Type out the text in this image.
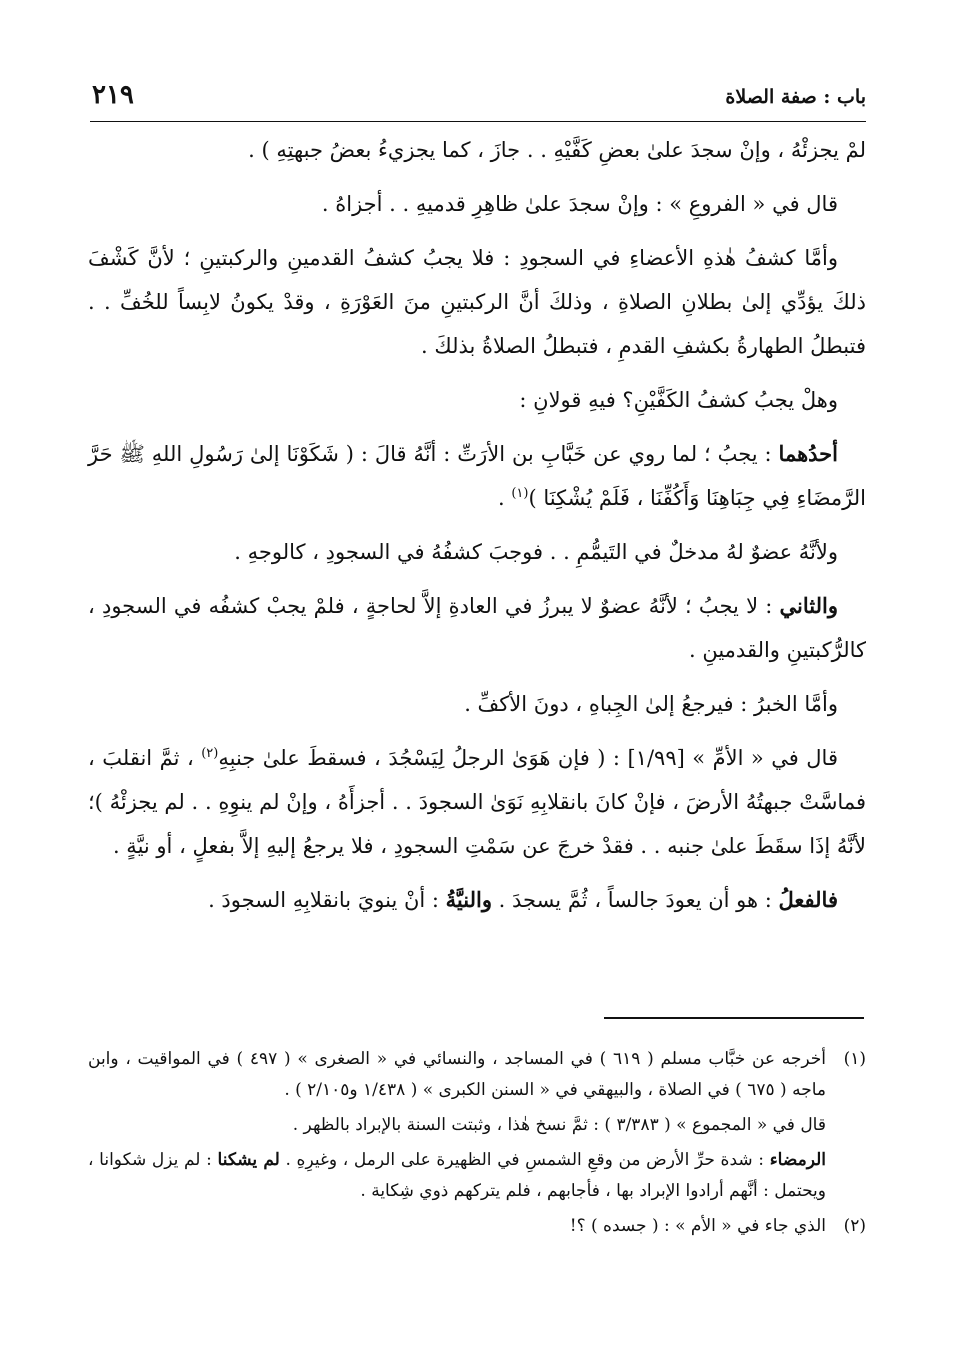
باب : صفة الصلاة
٢١٩

لمْ يجزئْهُ ، وإنْ سجدَ علىٰ بعضِ كَفَّيْهِ . . جازَ ، كما يجزيءُ بعضُ جبهتِهِ ) .

قال في « الفروعِ » : وإنْ سجدَ علىٰ ظاهِرِ قدميهِ . . أجزاهُ .

وأمَّا كشفُ هٰذهِ الأعضاءِ في السجودِ : فلا يجبُ كشفُ القدمينِ والركبتينِ ؛ لأنَّ كَشْفَ ذلكَ يؤدِّي إلىٰ بطلانِ الصلاةِ ، وذلكَ أنَّ الركبتينِ منَ العَوْرَةِ ، وقدْ يكونُ لابِساً للخُفِّ . . فتبطلُ الطهارةُ بكشفِ القدمِ ، فتبطلُ الصلاةُ بذلكَ .

وهلْ يجبُ كشفُ الكَفَّيْنِ؟ فيهِ قولانِ :

أحدُهما : يجبُ ؛ لما روي عن خَبَّابِ بن الأرَتِّ : أنَّهُ قالَ : ( شَكَوْنَا إلىٰ رَسُولِ اللهِ ﷺ حَرَّ الرَّمضَاءِ فِي جِبَاهِنَا وَأَكُفِّنَا ، فَلَمْ يُشْكِنَا )$^{(١)}$ .

ولأنَّهُ عضوٌ لهُ مدخلٌ في التَيمُّمِ . . فوجبَ كشفُهُ في السجودِ ، كالوجهِ .

والثاني : لا يجبُ ؛ لأنَّهُ عضوٌ لا يبرزُ في العادةِ إلاَّ لحاجةٍ ، فلمْ يجبْ كشفُه في السجودِ ، كالرُّكبتينِ والقدمينِ .

وأمَّا الخبرُ : فيرجعُ إلىٰ الجِباهِ ، دونَ الأكفِّ .

قال في « الأمِّ » [١/٩٩] : ( فإن هَوَىٰ الرجلُ لِيَسْجُدَ ، فسقطَ علىٰ جنبِهِ$^{(٢)}$ ، ثمَّ انقلبَ ، فماسَّتْ جبهتُهُ الأرضَ ، فإنْ كانَ بانقلابِهِ نَوَىٰ السجودَ . . أجزأَهُ ، وإنْ لم ينوِهِ . . لم يجزئْهُ )؛ لأنَّهُ إذَا سقَطَ علىٰ جنبه . . فقدْ خرجَ عن سَمْتِ السجودِ ، فلا يرجعُ إليهِ إلاَّ بفعلٍ ، أو نيَّةٍ .

فالفعلُ : هو أن يعودَ جالساً ، ثُمَّ يسجدَ . والنيَّةُ : أنْ ينويَ بانقلابِهِ السجودَ .

(١)
أخرجه عن خبَّاب مسلم ( ٦١٩ ) في المساجد ، والنسائي في « الصغرى » ( ٤٩٧ ) في المواقيت ، وابن ماجه ( ٦٧٥ ) في الصلاة ، والبيهقي في « السنن الكبرى » ( ١/٤٣٨ و٢/١٠٥ ) .
قال في « المجموع » ( ٣/٣٨٣ ) : ثمَّ نسخ هٰذا ، وثبتت السنة بالإبراد بالظهر .
الرمضاء : شدة حرِّ الأرض من وقعِ الشمسِ في الظهيرة على الرمل ، وغيرِهِ . لم يشكنا : لم يزل شكوانا ، ويحتمل : أنَّهم أرادوا الإبراد بها ، فأجابهم ، فلم يتركهم ذوي شِكاية .
(٢)
الذي جاء في « الأم » : ( جسده ) ؟!
